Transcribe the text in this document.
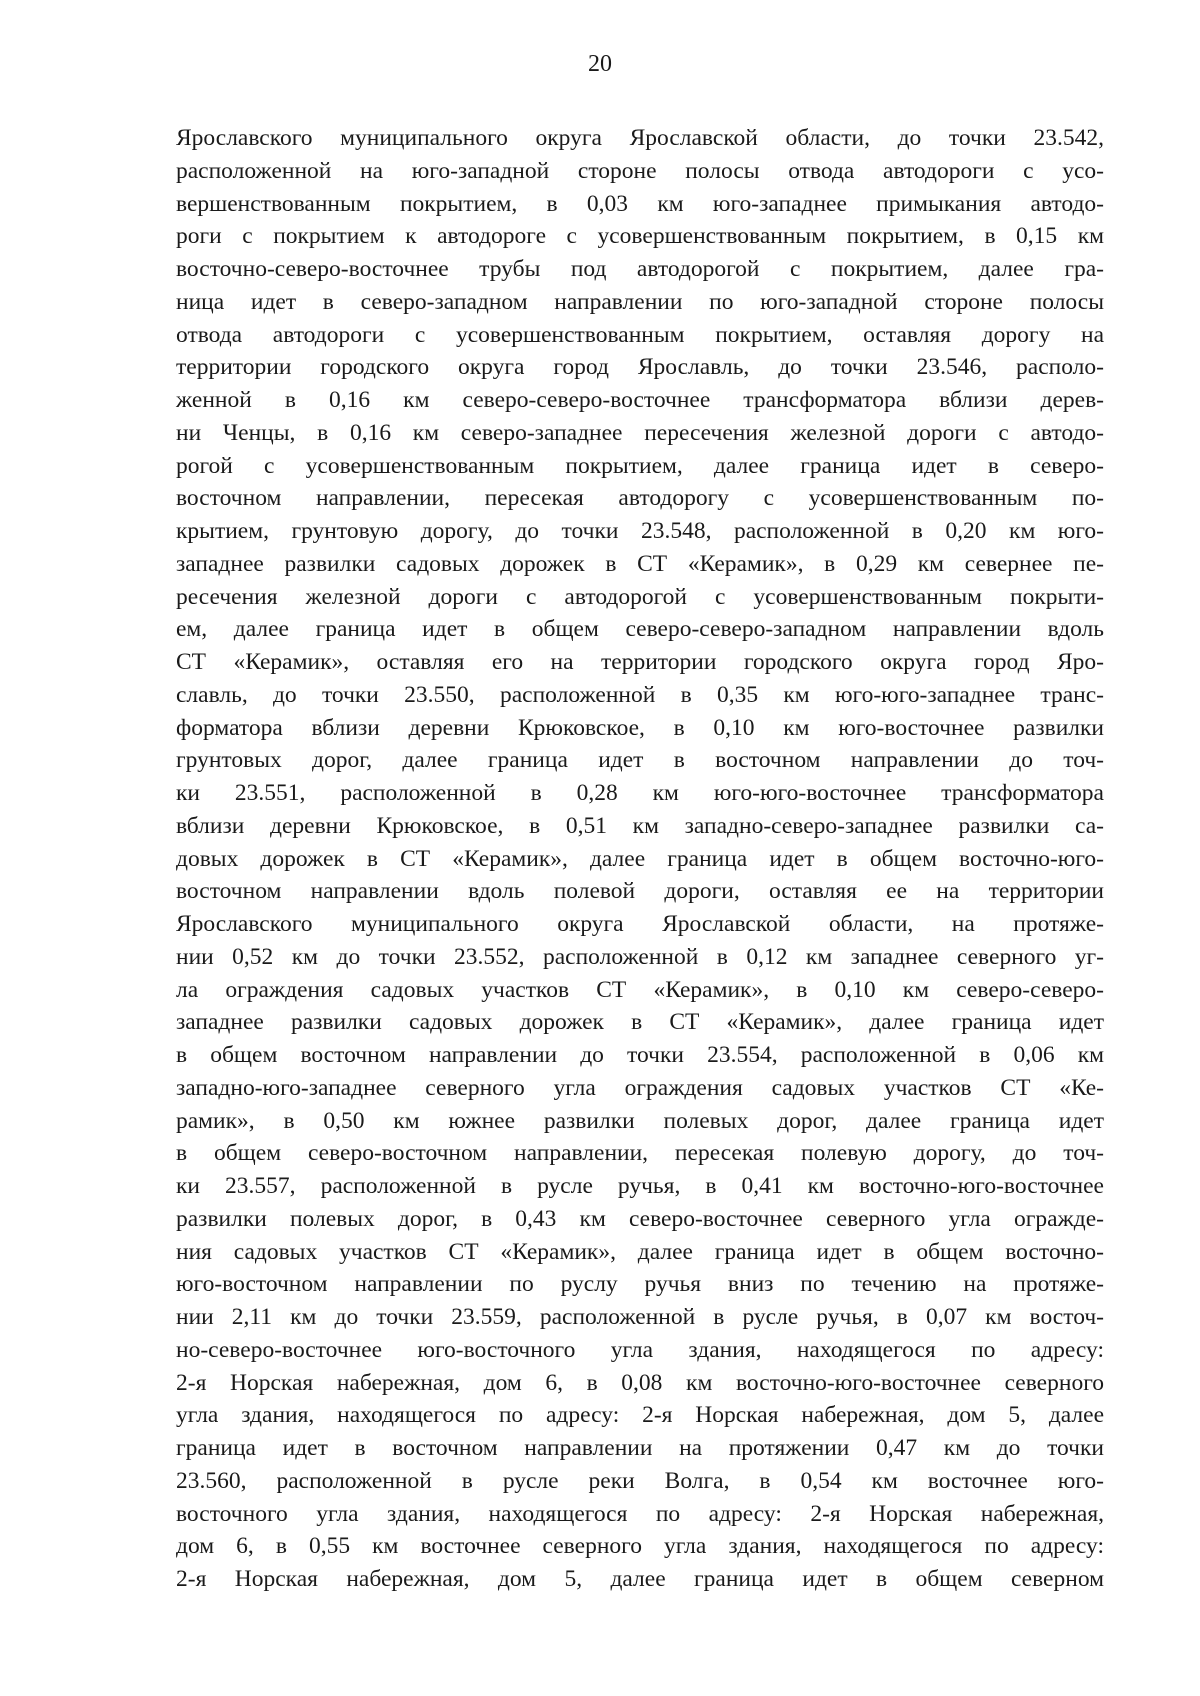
20
Ярославского муниципального округа Ярославской области, до точки 23.542,
расположенной на юго-западной стороне полосы отвода автодороги с усо-
вершенствованным покрытием, в 0,03 км юго-западнее примыкания автодо-
роги с покрытием к автодороге с усовершенствованным покрытием, в 0,15 км
восточно-северо-восточнее трубы под автодорогой с покрытием, далее гра-
ница идет в северо-западном направлении по юго-западной стороне полосы
отвода автодороги с усовершенствованным покрытием, оставляя дорогу на
территории городского округа город Ярославль, до точки 23.546, располо-
женной в 0,16 км северо-северо-восточнее трансформатора вблизи дерев-
ни Ченцы, в 0,16 км северо-западнее пересечения железной дороги с автодо-
рогой с усовершенствованным покрытием, далее граница идет в северо-
восточном направлении, пересекая автодорогу с усовершенствованным по-
крытием, грунтовую дорогу, до точки 23.548, расположенной в 0,20 км юго-
западнее развилки садовых дорожек в СТ «Керамик», в 0,29 км севернее пе-
ресечения железной дороги с автодорогой с усовершенствованным покрыти-
ем, далее граница идет в общем северо-северо-западном направлении вдоль
СТ «Керамик», оставляя его на территории городского округа город Яро-
славль, до точки 23.550, расположенной в 0,35 км юго-юго-западнее транс-
форматора вблизи деревни Крюковское, в 0,10 км юго-восточнее развилки
грунтовых дорог, далее граница идет в восточном направлении до точ-
ки 23.551, расположенной в 0,28 км юго-юго-восточнее трансформатора
вблизи деревни Крюковское, в 0,51 км западно-северо-западнее развилки са-
довых дорожек в СТ «Керамик», далее граница идет в общем восточно-юго-
восточном направлении вдоль полевой дороги, оставляя ее на территории
Ярославского муниципального округа Ярославской области, на протяже-
нии 0,52 км до точки 23.552, расположенной в 0,12 км западнее северного уг-
ла ограждения садовых участков СТ «Керамик», в 0,10 км северо-северо-
западнее развилки садовых дорожек в СТ «Керамик», далее граница идет
в общем восточном направлении до точки 23.554, расположенной в 0,06 км
западно-юго-западнее северного угла ограждения садовых участков СТ «Ке-
рамик», в 0,50 км южнее развилки полевых дорог, далее граница идет
в общем северо-восточном направлении, пересекая полевую дорогу, до точ-
ки 23.557, расположенной в русле ручья, в 0,41 км восточно-юго-восточнее
развилки полевых дорог, в 0,43 км северо-восточнее северного угла огражде-
ния садовых участков СТ «Керамик», далее граница идет в общем восточно-
юго-восточном направлении по руслу ручья вниз по течению на протяже-
нии 2,11 км до точки 23.559, расположенной в русле ручья, в 0,07 км восточ-
но-северо-восточнее юго-восточного угла здания, находящегося по адресу:
2-я Норская набережная, дом 6, в 0,08 км восточно-юго-восточнее северного
угла здания, находящегося по адресу: 2-я Норская набережная, дом 5, далее
граница идет в восточном направлении на протяжении 0,47 км до точки
23.560, расположенной в русле реки Волга, в 0,54 км восточнее юго-
восточного угла здания, находящегося по адресу: 2-я Норская набережная,
дом 6, в 0,55 км восточнее северного угла здания, находящегося по адресу:
2-я Норская набережная, дом 5, далее граница идет в общем северном
